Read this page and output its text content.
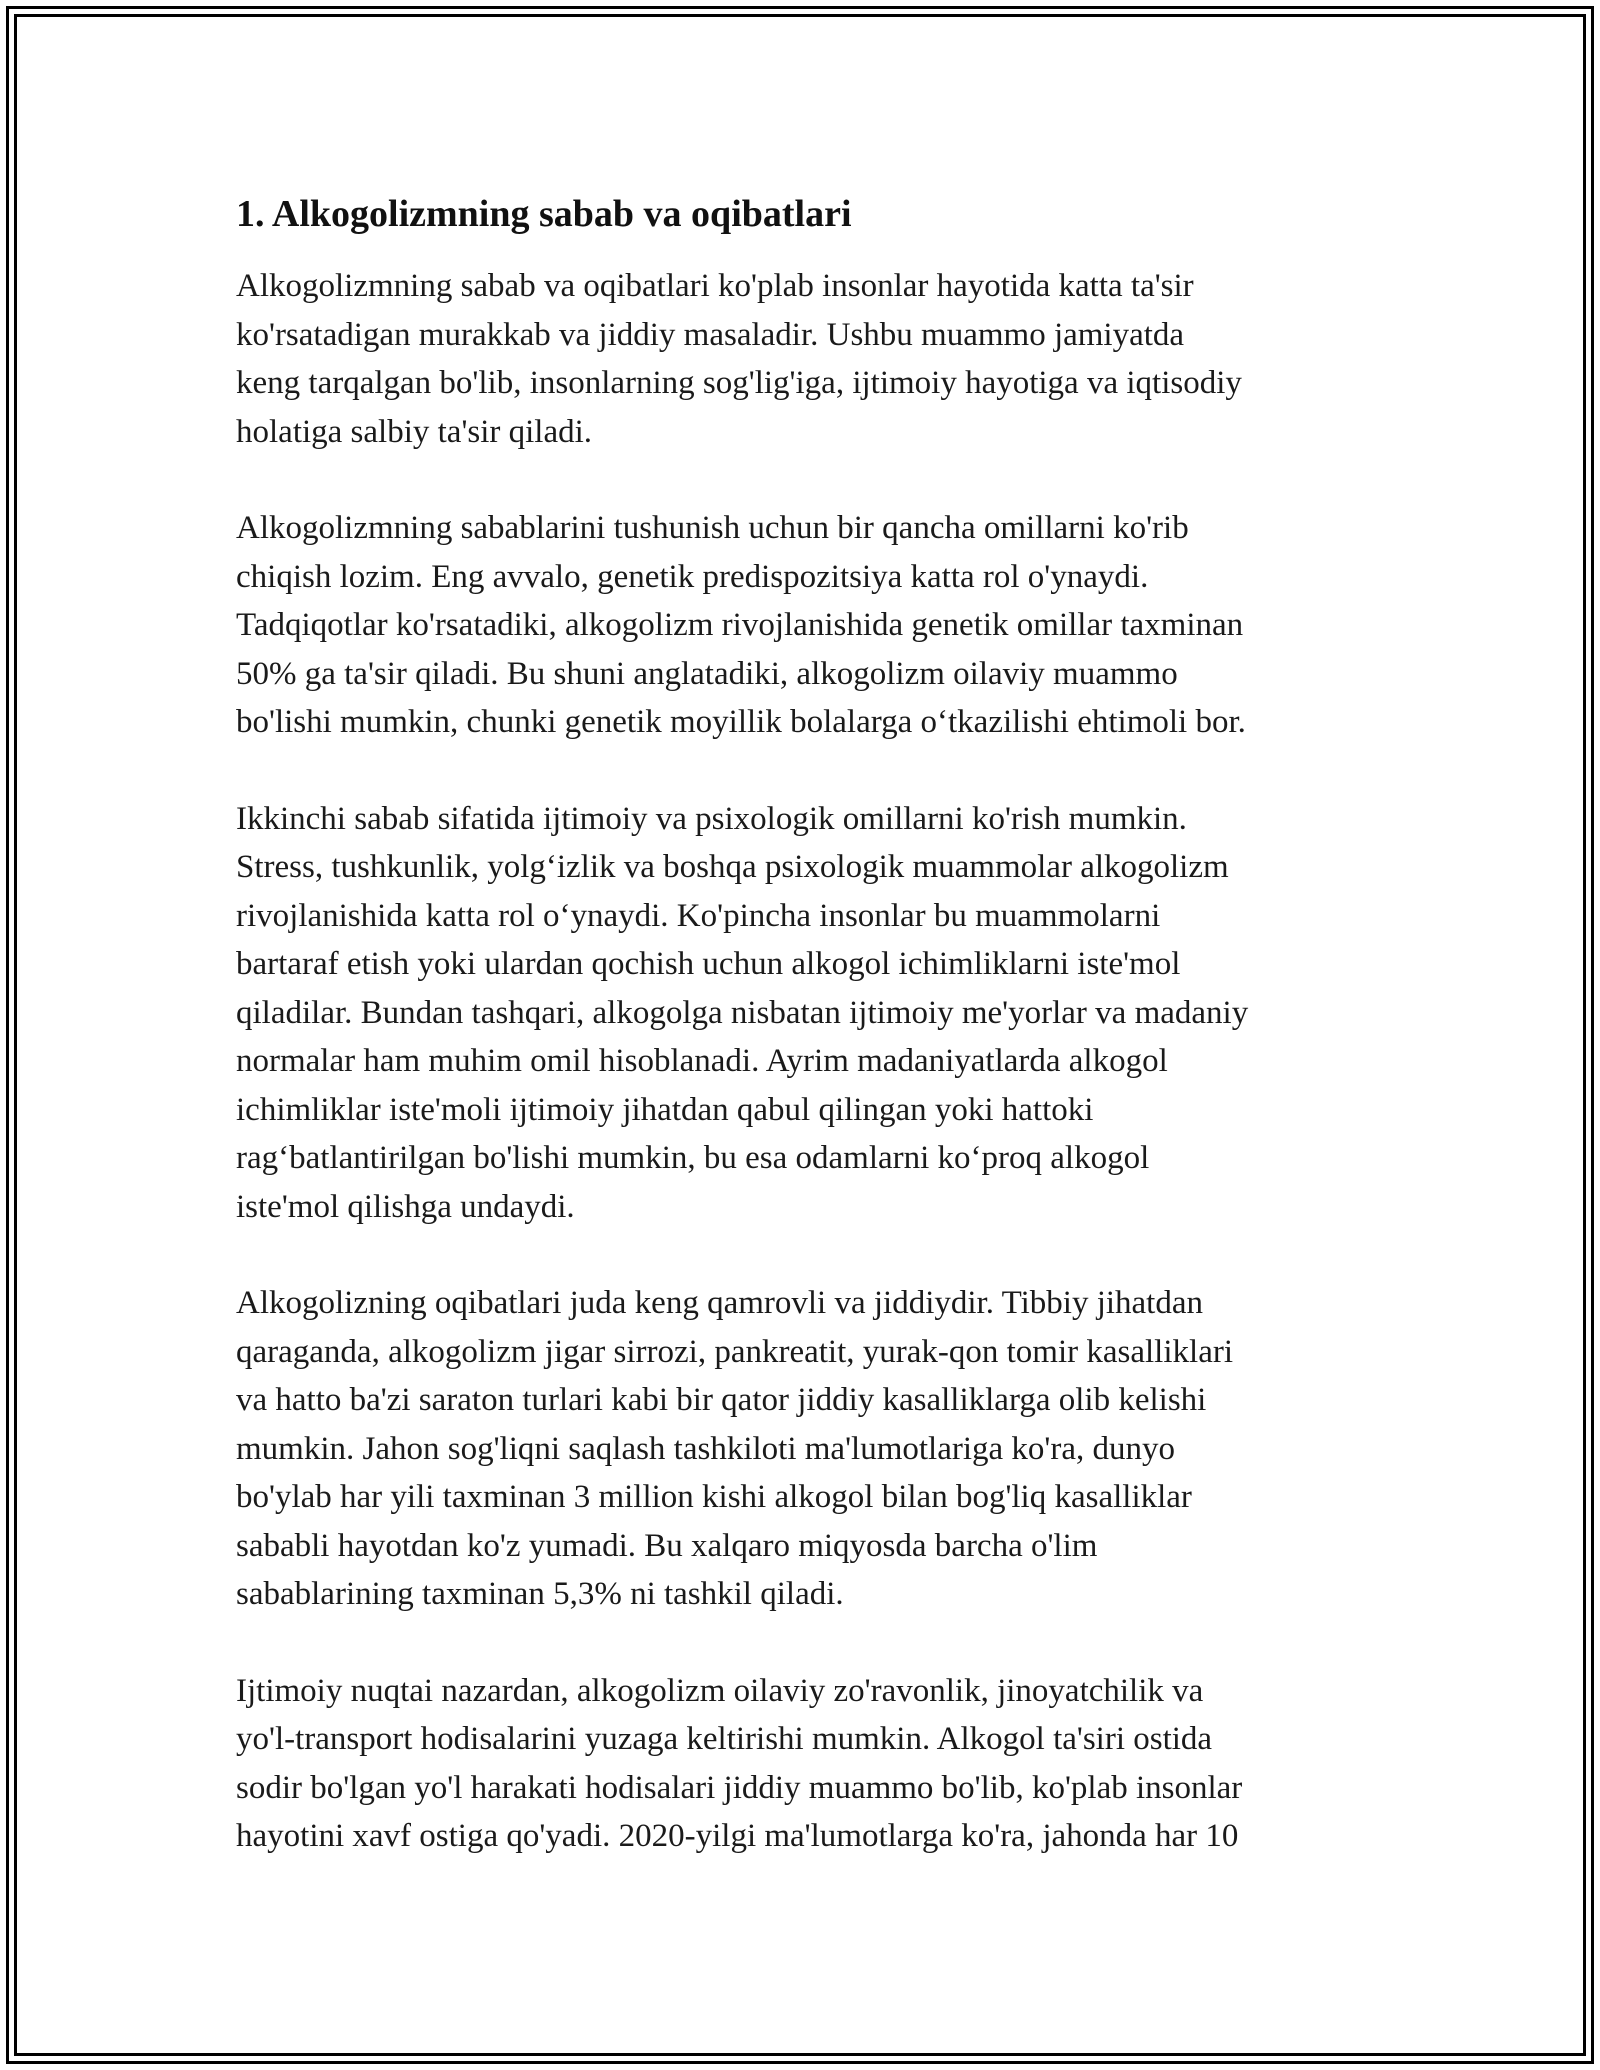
1. Alkogolizmning sabab va oqibatlari

Alkogolizmning sabab va oqibatlari ko'plab insonlar hayotida katta ta'sir
ko'rsatadigan murakkab va jiddiy masaladir. Ushbu muammo jamiyatda
keng tarqalgan bo'lib, insonlarning sog'lig'iga, ijtimoiy hayotiga va iqtisodiy
holatiga salbiy ta'sir qiladi.

Alkogolizmning sabablarini tushunish uchun bir qancha omillarni ko'rib
chiqish lozim. Eng avvalo, genetik predispozitsiya katta rol o'ynaydi.
Tadqiqotlar ko'rsatadiki, alkogolizm rivojlanishida genetik omillar taxminan
50% ga ta'sir qiladi. Bu shuni anglatadiki, alkogolizm oilaviy muammo
bo'lishi mumkin, chunki genetik moyillik bolalarga o‘tkazilishi ehtimoli bor.

Ikkinchi sabab sifatida ijtimoiy va psixologik omillarni ko'rish mumkin.
Stress, tushkunlik, yolg‘izlik va boshqa psixologik muammolar alkogolizm
rivojlanishida katta rol o‘ynaydi. Ko'pincha insonlar bu muammolarni
bartaraf etish yoki ulardan qochish uchun alkogol ichimliklarni iste'mol
qiladilar. Bundan tashqari, alkogolga nisbatan ijtimoiy me'yorlar va madaniy
normalar ham muhim omil hisoblanadi. Ayrim madaniyatlarda alkogol
ichimliklar iste'moli ijtimoiy jihatdan qabul qilingan yoki hattoki
rag‘batlantirilgan bo'lishi mumkin, bu esa odamlarni ko‘proq alkogol
iste'mol qilishga undaydi.

Alkogolizning oqibatlari juda keng qamrovli va jiddiydir. Tibbiy jihatdan
qaraganda, alkogolizm jigar sirrozi, pankreatit, yurak-qon tomir kasalliklari
va hatto ba'zi saraton turlari kabi bir qator jiddiy kasalliklarga olib kelishi
mumkin. Jahon sog'liqni saqlash tashkiloti ma'lumotlariga ko'ra, dunyo
bo'ylab har yili taxminan 3 million kishi alkogol bilan bog'liq kasalliklar
sababli hayotdan ko'z yumadi. Bu xalqaro miqyosda barcha o'lim
sabablarining taxminan 5,3% ni tashkil qiladi.

Ijtimoiy nuqtai nazardan, alkogolizm oilaviy zo'ravonlik, jinoyatchilik va
yo'l-transport hodisalarini yuzaga keltirishi mumkin. Alkogol ta'siri ostida
sodir bo'lgan yo'l harakati hodisalari jiddiy muammo bo'lib, ko'plab insonlar
hayotini xavf ostiga qo'yadi. 2020-yilgi ma'lumotlarga ko'ra, jahonda har 10
